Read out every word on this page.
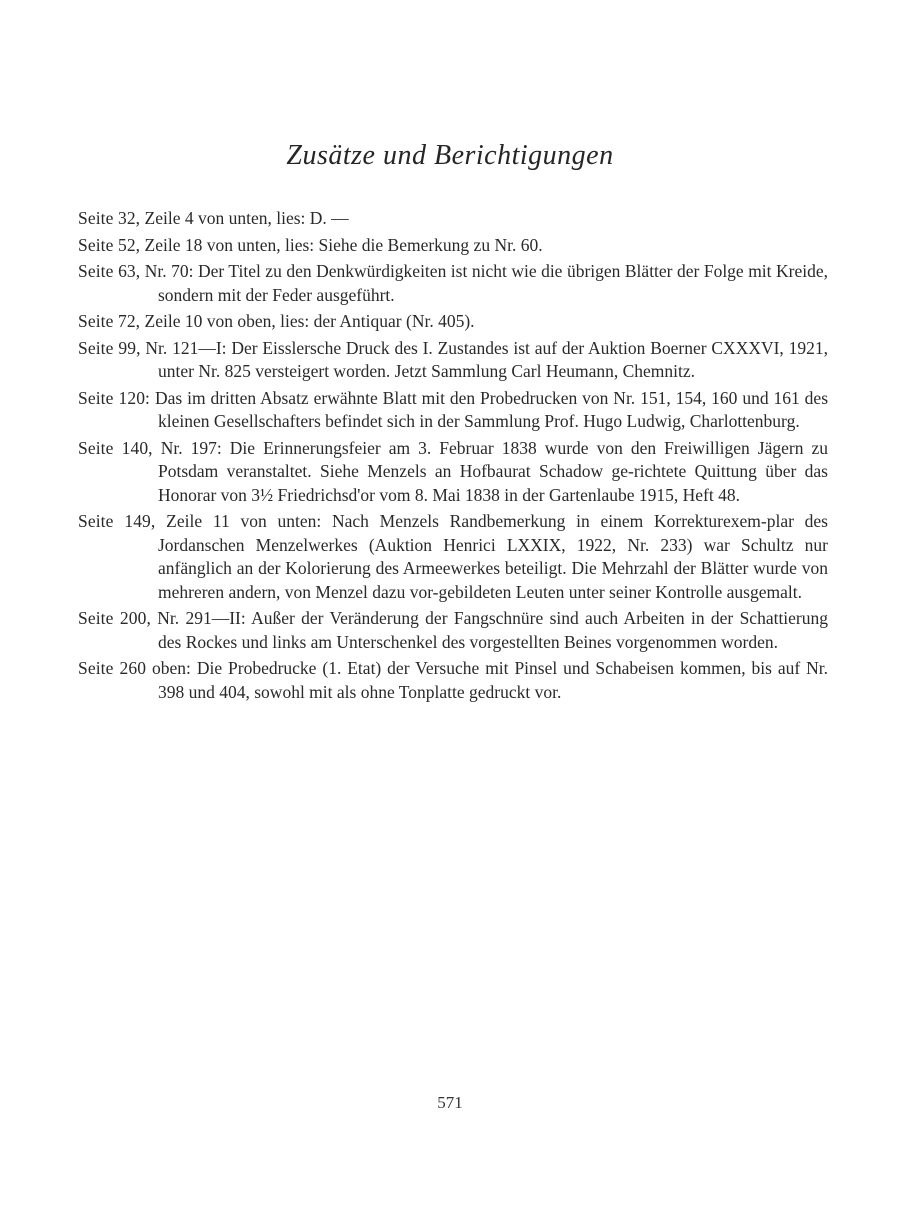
Zusätze und Berichtigungen
Seite 32, Zeile 4 von unten, lies: D. —
Seite 52, Zeile 18 von unten, lies: Siehe die Bemerkung zu Nr. 60.
Seite 63, Nr. 70: Der Titel zu den Denkwürdigkeiten ist nicht wie die übrigen Blätter der Folge mit Kreide, sondern mit der Feder ausgeführt.
Seite 72, Zeile 10 von oben, lies: der Antiquar (Nr. 405).
Seite 99, Nr. 121—I: Der Eisslersche Druck des I. Zustandes ist auf der Auktion Boerner CXXXVI, 1921, unter Nr. 825 versteigert worden. Jetzt Sammlung Carl Heumann, Chemnitz.
Seite 120: Das im dritten Absatz erwähnte Blatt mit den Probedrucken von Nr. 151, 154, 160 und 161 des kleinen Gesellschafters befindet sich in der Sammlung Prof. Hugo Ludwig, Charlottenburg.
Seite 140, Nr. 197: Die Erinnerungsfeier am 3. Februar 1838 wurde von den Freiwilligen Jägern zu Potsdam veranstaltet. Siehe Menzels an Hofbaurat Schadow ge-richtete Quittung über das Honorar von 3½ Friedrichsd'or vom 8. Mai 1838 in der Gartenlaube 1915, Heft 48.
Seite 149, Zeile 11 von unten: Nach Menzels Randbemerkung in einem Korrekturexem-plar des Jordanschen Menzelwerkes (Auktion Henrici LXXIX, 1922, Nr. 233) war Schultz nur anfänglich an der Kolorierung des Armeewerkes beteiligt. Die Mehrzahl der Blätter wurde von mehreren andern, von Menzel dazu vor-gebildeten Leuten unter seiner Kontrolle ausgemalt.
Seite 200, Nr. 291—II: Außer der Veränderung der Fangschnüre sind auch Arbeiten in der Schattierung des Rockes und links am Unterschenkel des vorgestellten Beines vorgenommen worden.
Seite 260 oben: Die Probedrucke (1. Etat) der Versuche mit Pinsel und Schabeisen kommen, bis auf Nr. 398 und 404, sowohl mit als ohne Tonplatte gedruckt vor.
571
